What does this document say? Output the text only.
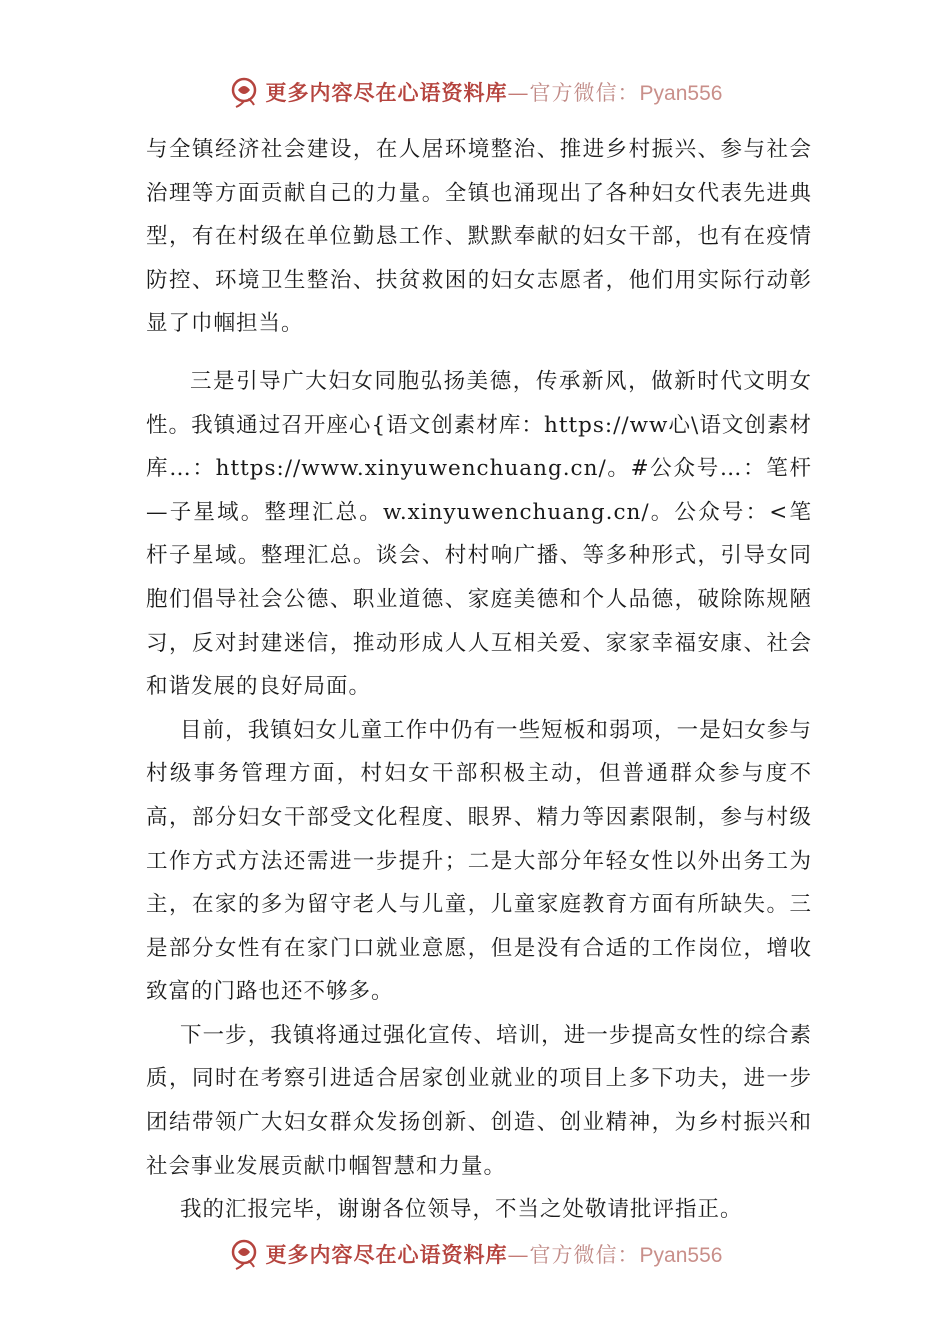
更多内容尽在心语资料库—官方微信：Pyan556

与全镇经济社会建设，在人居环境整治、推进乡村振兴、参与社会治理等方面贡献自己的力量。全镇也涌现出了各种妇女代表先进典型，有在村级在单位勤恳工作、默默奉献的妇女干部，也有在疫情防控、环境卫生整治、扶贫救困的妇女志愿者，他们用实际行动彰显了巾帼担当。

三是引导广大妇女同胞弘扬美德，传承新风，做新时代文明女性。我镇通过召开座心{语文创素材库：https://ww心\语文创素材库…：https://www.xinyuwenchuang.cn/。#公众号…：笔杆—子星域。整理汇总。w.xinyuwenchuang.cn/。公众号：<笔杆子星域。整理汇总。谈会、村村响广播、等多种形式，引导女同胞们倡导社会公德、职业道德、家庭美德和个人品德，破除陈规陋习，反对封建迷信，推动形成人人互相关爱、家家幸福安康、社会和谐发展的良好局面。

目前，我镇妇女儿童工作中仍有一些短板和弱项，一是妇女参与村级事务管理方面，村妇女干部积极主动，但普通群众参与度不高，部分妇女干部受文化程度、眼界、精力等因素限制，参与村级工作方式方法还需进一步提升；二是大部分年轻女性以外出务工为主，在家的多为留守老人与儿童，儿童家庭教育方面有所缺失。三是部分女性有在家门口就业意愿，但是没有合适的工作岗位，增收致富的门路也还不够多。

下一步，我镇将通过强化宣传、培训，进一步提高女性的综合素质，同时在考察引进适合居家创业就业的项目上多下功夫，进一步团结带领广大妇女群众发扬创新、创造、创业精神，为乡村振兴和社会事业发展贡献巾帼智慧和力量。

我的汇报完毕，谢谢各位领导，不当之处敬请批评指正。

更多内容尽在心语资料库—官方微信：Pyan556
